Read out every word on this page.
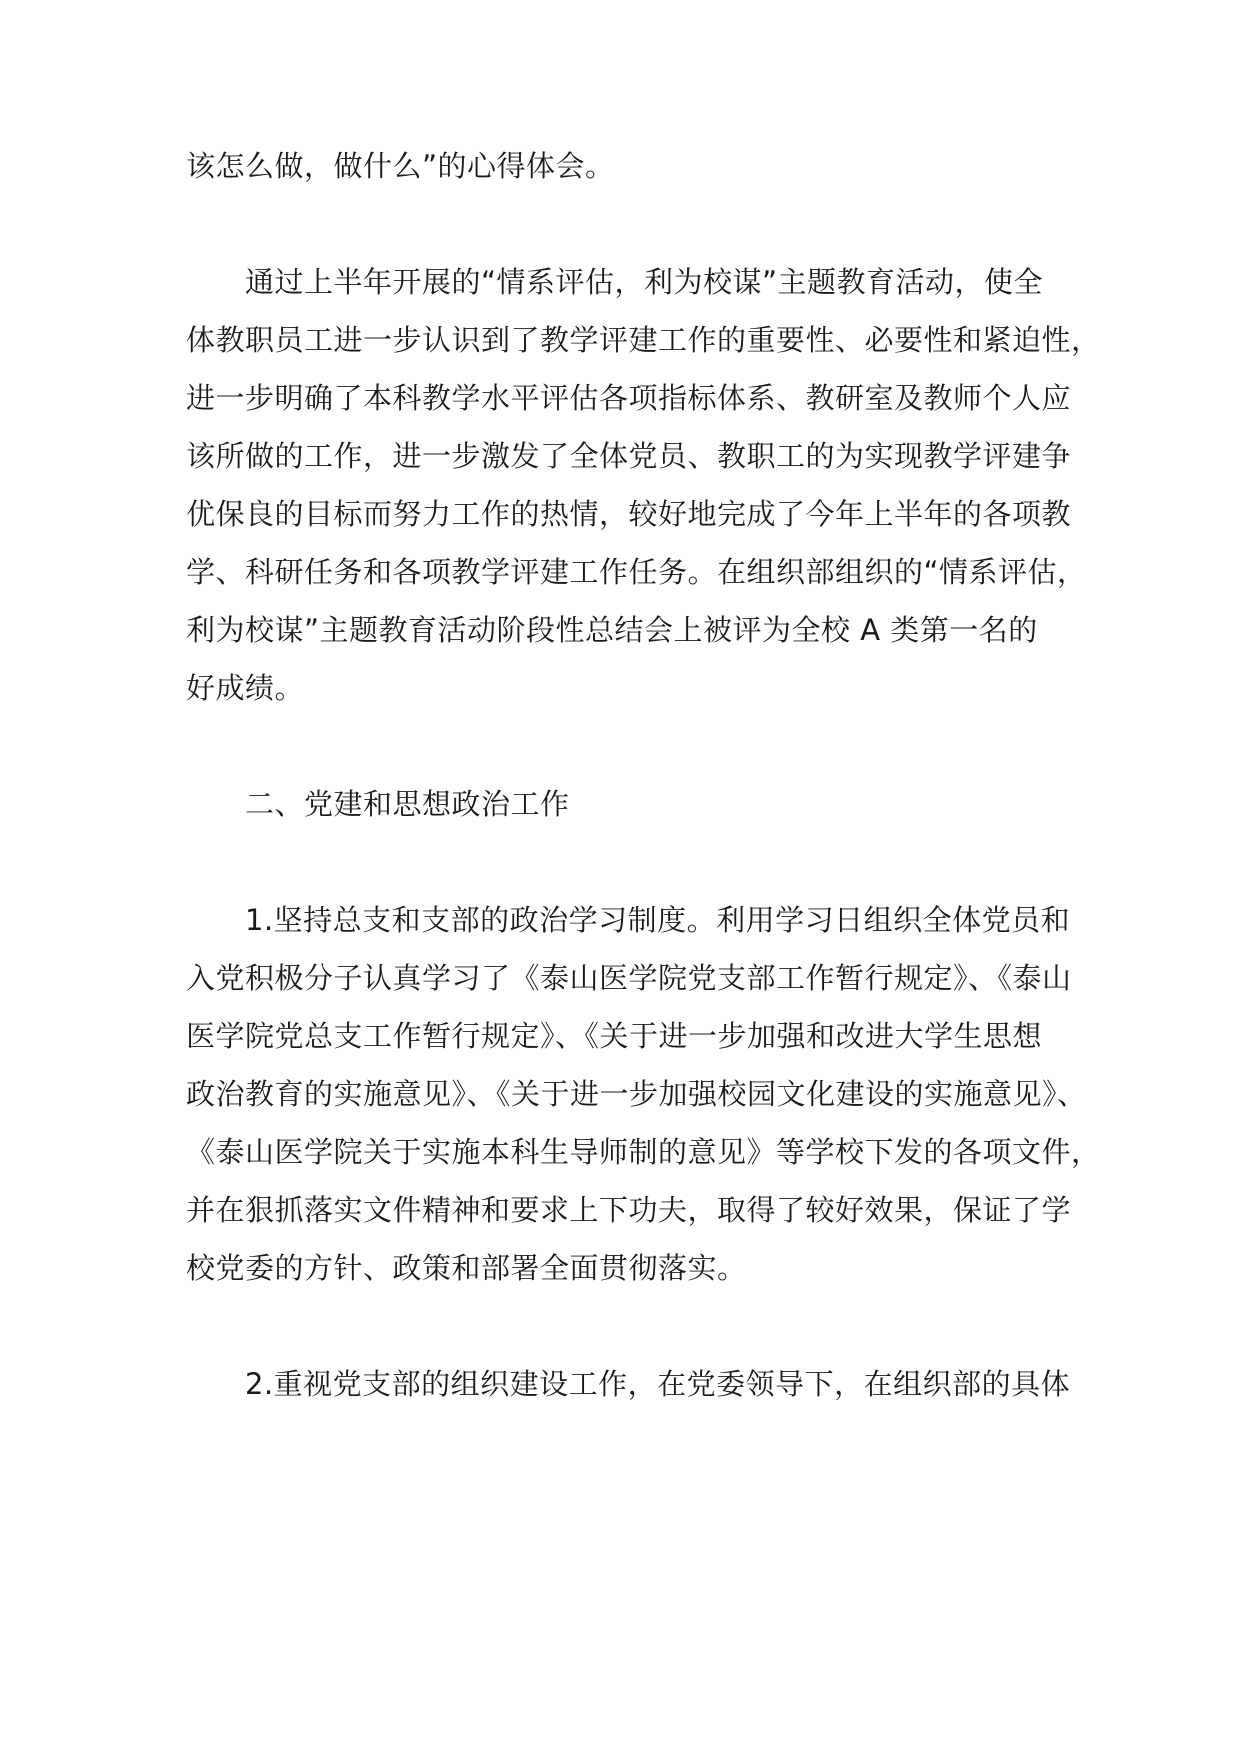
该怎么做，做什么”的心得体会。
通过上半年开展的“情系评估，利为校谋”主题教育活动，使全
体教职员工进一步认识到了教学评建工作的重要性、必要性和紧迫性，
进一步明确了本科教学水平评估各项指标体系、教研室及教师个人应
该所做的工作，进一步激发了全体党员、教职工的为实现教学评建争
优保良的目标而努力工作的热情，较好地完成了今年上半年的各项教
学、科研任务和各项教学评建工作任务。在组织部组织的“情系评估，
利为校谋”主题教育活动阶段性总结会上被评为全校 A 类第一名的
好成绩。
二、党建和思想政治工作
1.坚持总支和支部的政治学习制度。利用学习日组织全体党员和
入党积极分子认真学习了《泰山医学院党支部工作暂行规定》、《泰山
医学院党总支工作暂行规定》、《关于进一步加强和改进大学生思想
政治教育的实施意见》、《关于进一步加强校园文化建设的实施意见》、
《泰山医学院关于实施本科生导师制的意见》等学校下发的各项文件，
并在狠抓落实文件精神和要求上下功夫，取得了较好效果，保证了学
校党委的方针、政策和部署全面贯彻落实。
2.重视党支部的组织建设工作，在党委领导下，在组织部的具体
